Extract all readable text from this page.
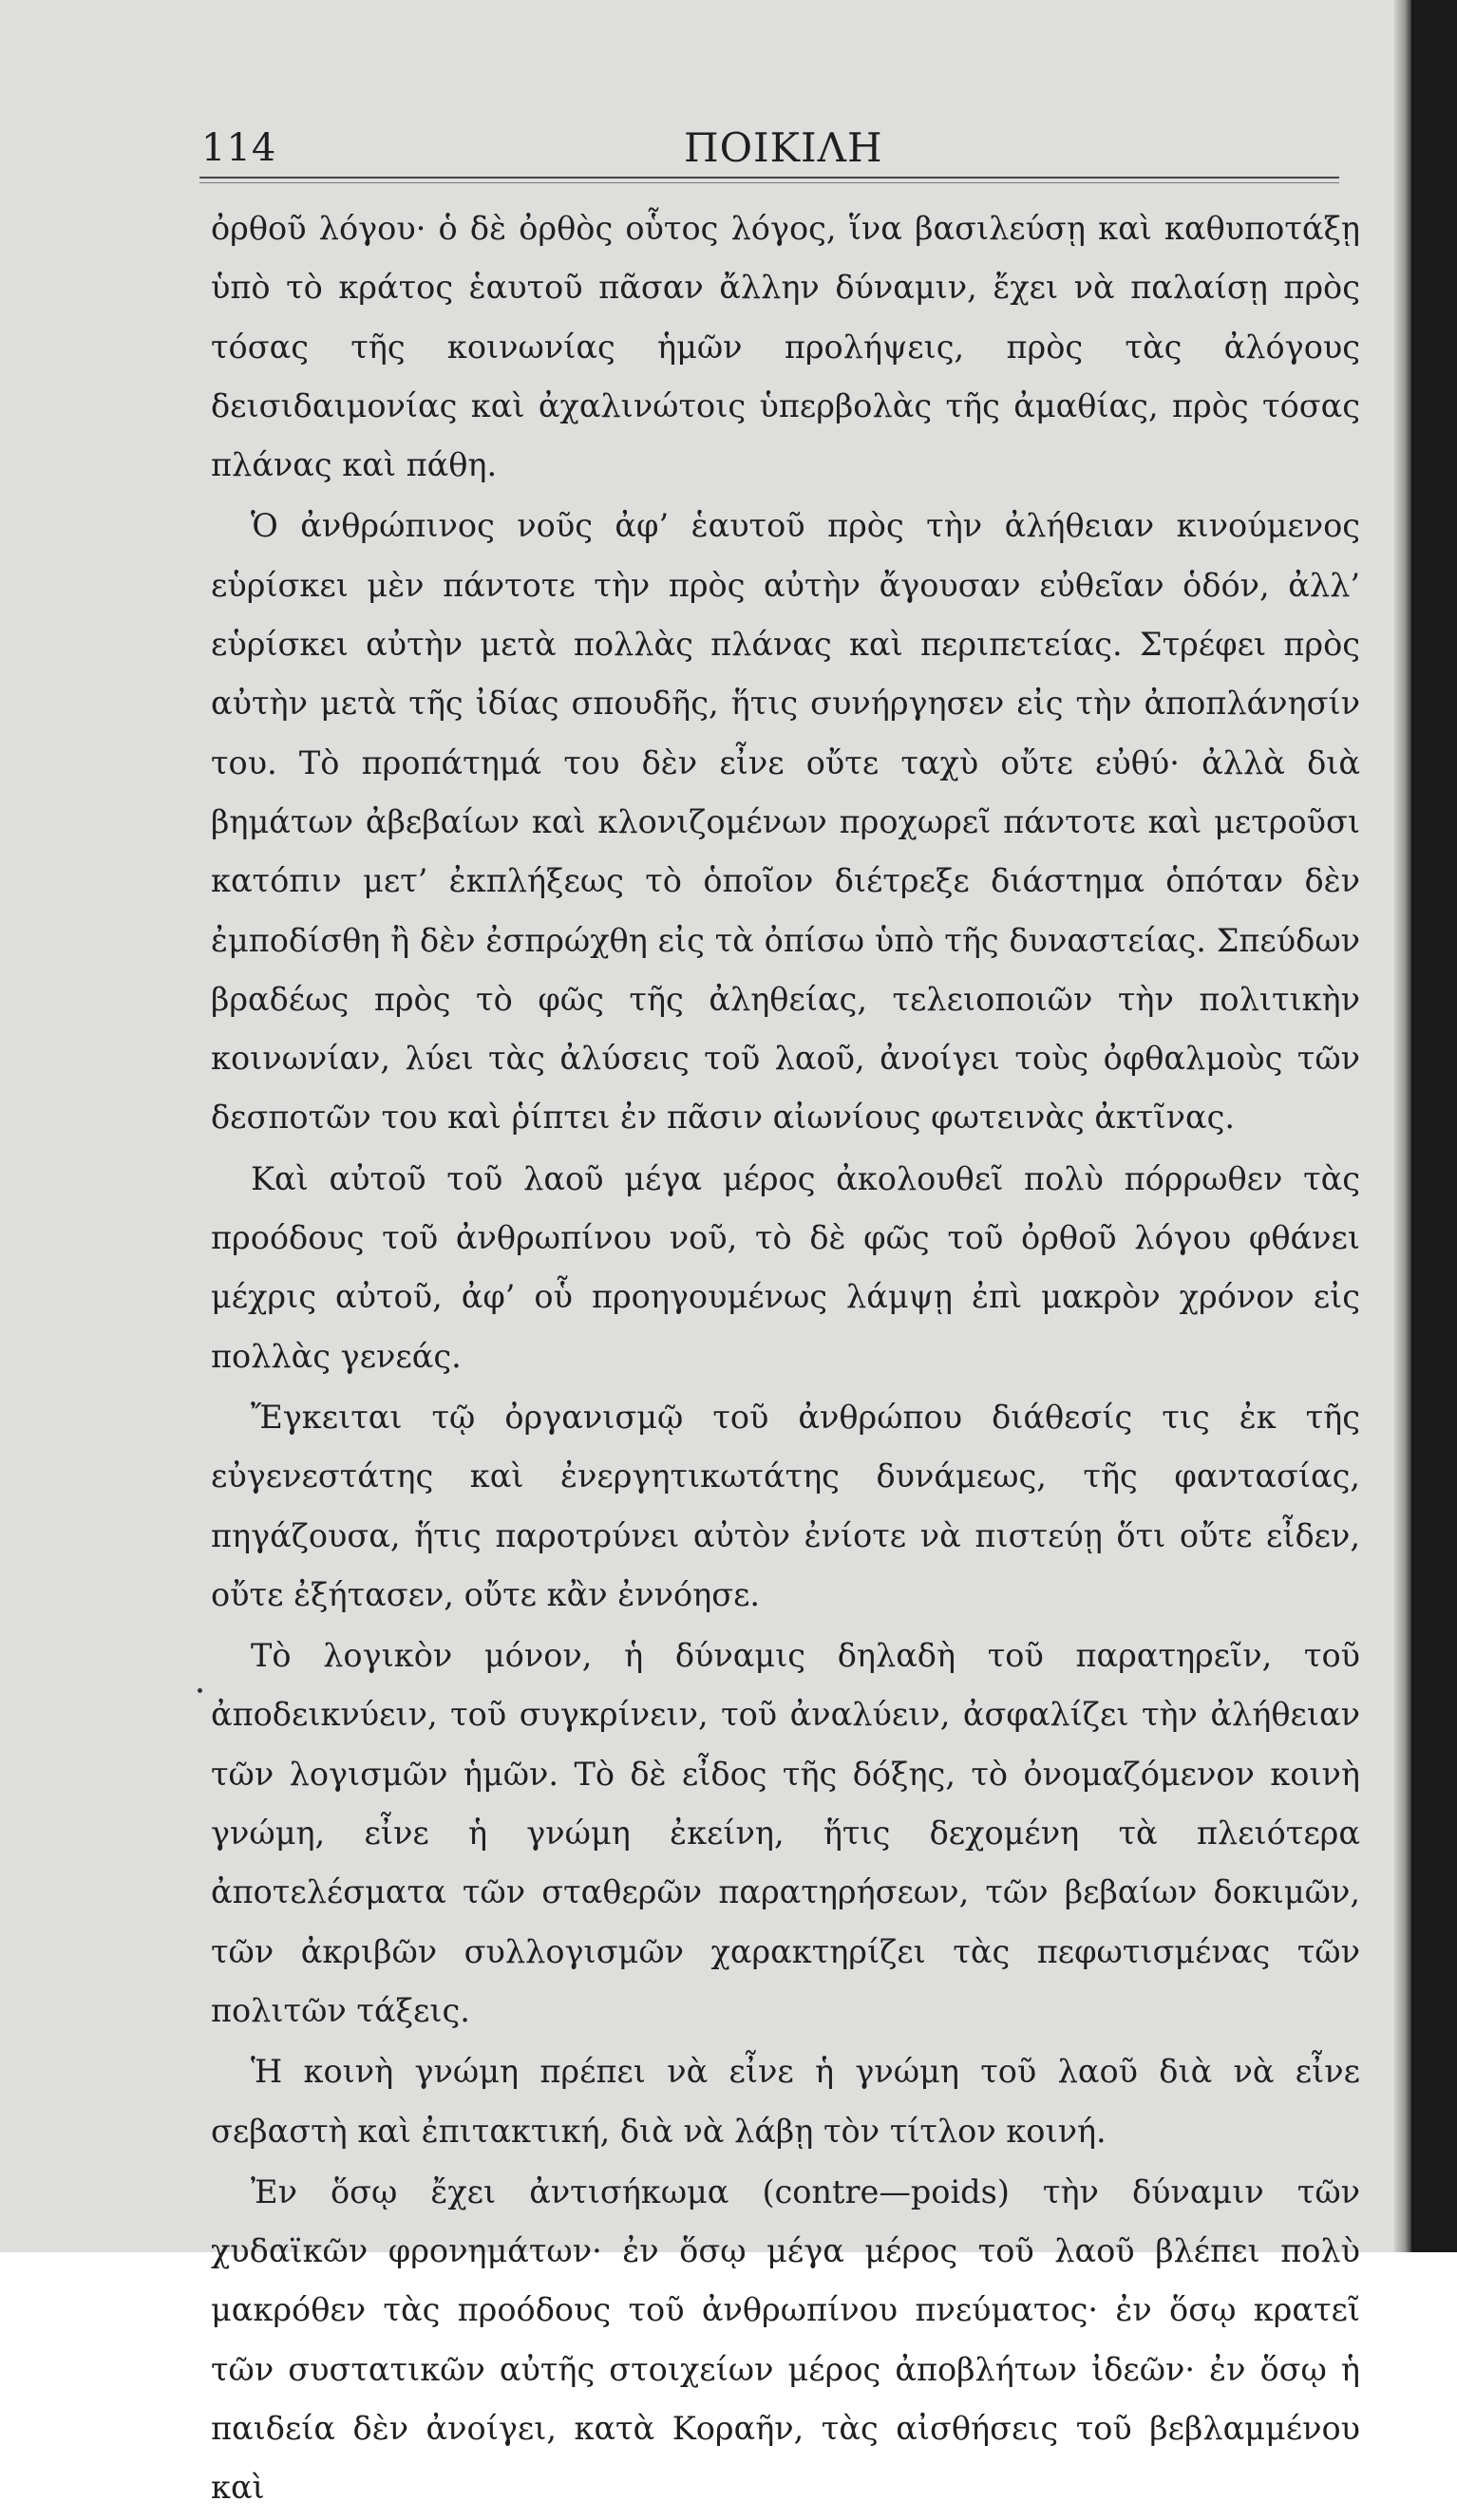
114	ΠΟΙΚΙΛΗ

ὀρθοῦ λόγου· ὁ δὲ ὀρθὸς οὗτος λόγος, ἵνα βασιλεύσῃ καὶ καθυποτάξῃ ὑπὸ τὸ κράτος ἑαυτοῦ πᾶσαν ἄλλην δύναμιν, ἔχει νὰ παλαίσῃ πρὸς τόσας τῆς κοινωνίας ἡμῶν προλήψεις, πρὸς τὰς ἀλόγους δεισιδαιμονίας καὶ ἀχαλινώτοις ὑπερβολὰς τῆς ἀμαθίας, πρὸς τόσας πλάνας καὶ πάθη.

Ὁ ἀνθρώπινος νοῦς ἀφ’ ἑαυτοῦ πρὸς τὴν ἀλήθειαν κινούμενος εὑρίσκει μὲν πάντοτε τὴν πρὸς αὐτὴν ἄγουσαν εὐθεῖαν ὁδόν, ἀλλ’ εὑρίσκει αὐτὴν μετὰ πολλὰς πλάνας καὶ περιπετείας. Στρέφει πρὸς αὐτὴν μετὰ τῆς ἰδίας σπουδῆς, ἥτις συνήργησεν εἰς τὴν ἀποπλάνησίν του. Τὸ προπάτημά του δὲν εἶνε οὔτε ταχὺ οὔτε εὐθύ· ἀλλὰ διὰ βημάτων ἀβεβαίων καὶ κλονιζομένων προχωρεῖ πάντοτε καὶ μετροῦσι κατόπιν μετ’ ἐκπλήξεως τὸ ὁποῖον διέτρεξε διάστημα ὁπόταν δὲν ἐμποδίσθη ἢ δὲν ἐσπρώχθη εἰς τὰ ὀπίσω ὑπὸ τῆς δυναστείας. Σπεύδων βραδέως πρὸς τὸ φῶς τῆς ἀληθείας, τελειοποιῶν τὴν πολιτικὴν κοινωνίαν, λύει τὰς ἀλύσεις τοῦ λαοῦ, ἀνοίγει τοὺς ὀφθαλμοὺς τῶν δεσποτῶν του καὶ ῥίπτει ἐν πᾶσιν αἰωνίους φωτεινὰς ἀκτῖνας.

Καὶ αὐτοῦ τοῦ λαοῦ μέγα μέρος ἀκολουθεῖ πολὺ πόρρωθεν τὰς προόδους τοῦ ἀνθρωπίνου νοῦ, τὸ δὲ φῶς τοῦ ὀρθοῦ λόγου φθάνει μέχρις αὐτοῦ, ἀφ’ οὗ προηγουμένως λάμψῃ ἐπὶ μακρὸν χρόνον εἰς πολλὰς γενεάς.

Ἔγκειται τῷ ὀργανισμῷ τοῦ ἀνθρώπου διάθεσίς τις ἐκ τῆς εὐγενεστάτης καὶ ἐνεργητικωτάτης δυνάμεως, τῆς φαντασίας, πηγάζουσα, ἥτις παροτρύνει αὐτὸν ἐνίοτε νὰ πιστεύῃ ὅτι οὔτε εἶδεν, οὔτε ἐξήτασεν, οὔτε κἂν ἐννόησε.

Τὸ λογικὸν μόνον, ἡ δύναμις δηλαδὴ τοῦ παρατηρεῖν, τοῦ ἀποδεικνύειν, τοῦ συγκρίνειν, τοῦ ἀναλύειν, ἀσφαλίζει τὴν ἀλήθειαν τῶν λογισμῶν ἡμῶν. Τὸ δὲ εἶδος τῆς δόξης, τὸ ὀνομαζόμενον κοινὴ γνώμη, εἶνε ἡ γνώμη ἐκείνη, ἥτις δεχομένη τὰ πλειότερα ἀποτελέσματα τῶν σταθερῶν παρατηρήσεων, τῶν βεβαίων δοκιμῶν, τῶν ἀκριβῶν συλλογισμῶν χαρακτηρίζει τὰς πεφωτισμένας τῶν πολιτῶν τάξεις.

Ἡ κοινὴ γνώμη πρέπει νὰ εἶνε ἡ γνώμη τοῦ λαοῦ διὰ νὰ εἶνε σεβαστὴ καὶ ἐπιτακτική, διὰ νὰ λάβῃ τὸν τίτλον κοινή.

Ἐν ὅσῳ ἔχει ἀντισήκωμα (contre—poids) τὴν δύναμιν τῶν χυδαϊκῶν φρονημάτων· ἐν ὅσῳ μέγα μέρος τοῦ λαοῦ βλέπει πολὺ μακρόθεν τὰς προόδους τοῦ ἀνθρωπίνου πνεύματος· ἐν ὅσῳ κρατεῖ τῶν συστατικῶν αὐτῆς στοιχείων μέρος ἀποβλήτων ἰδεῶν· ἐν ὅσῳ ἡ παιδεία δὲν ἀνοίγει, κατὰ Κοραῆν, τὰς αἰσθήσεις τοῦ βεβλαμμένου καὶ
